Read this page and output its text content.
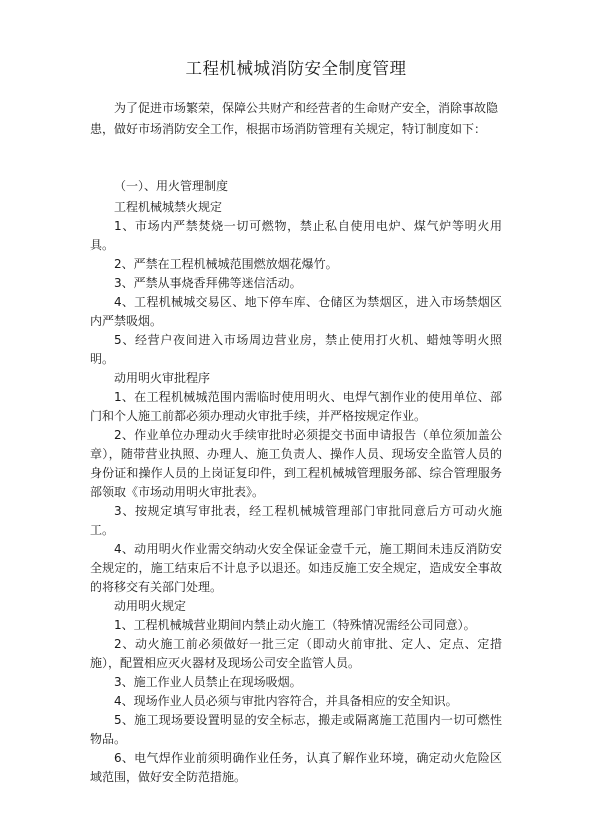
工程机械城消防安全制度管理

为了促进市场繁荣，保障公共财产和经营者的生命财产安全，消除事故隐患，做好市场消防安全工作，根据市场消防管理有关规定，特订制度如下：

（一）、用火管理制度

工程机械城禁火规定

1、市场内严禁焚烧一切可燃物，禁止私自使用电炉、煤气炉等明火用具。

2、严禁在工程机械城范围燃放烟花爆竹。

3、严禁从事烧香拜佛等迷信活动。

4、工程机械城交易区、地下停车库、仓储区为禁烟区，进入市场禁烟区内严禁吸烟。

5、经营户夜间进入市场周边营业房，禁止使用打火机、蜡烛等明火照明。

动用明火审批程序

1、在工程机械城范围内需临时使用明火、电焊气割作业的使用单位、部门和个人施工前都必须办理动火审批手续，并严格按规定作业。

2、作业单位办理动火手续审批时必须提交书面申请报告（单位须加盖公章），随带营业执照、办理人、施工负责人、操作人员、现场安全监管人员的身份证和操作人员的上岗证复印件，到工程机械城管理服务部、综合管理服务部领取《市场动用明火审批表》。

3、按规定填写审批表，经工程机械城管理部门审批同意后方可动火施工。

4、动用明火作业需交纳动火安全保证金壹千元，施工期间未违反消防安全规定的，施工结束后不计息予以退还。如违反施工安全规定，造成安全事故的将移交有关部门处理。

动用明火规定

1、工程机械城营业期间内禁止动火施工（特殊情况需经公司同意）。

2、动火施工前必须做好一批三定（即动火前审批、定人、定点、定措施），配置相应灭火器材及现场公司安全监管人员。

3、施工作业人员禁止在现场吸烟。

4、现场作业人员必须与审批内容符合，并具备相应的安全知识。

5、施工现场要设置明显的安全标志，搬走或隔离施工范围内一切可燃性物品。

6、电气焊作业前须明确作业任务，认真了解作业环境，确定动火危险区域范围，做好安全防范措施。
